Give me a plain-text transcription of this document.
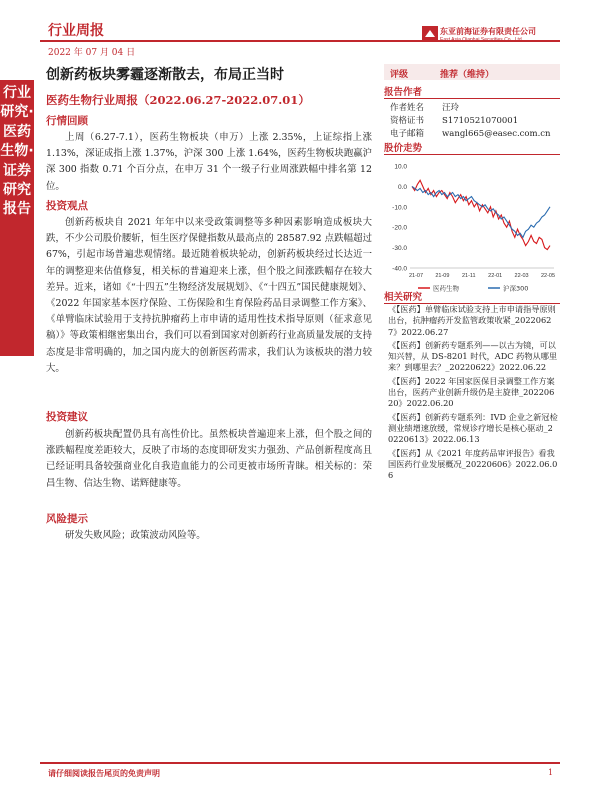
行业周报	东亚前海证券有限责任公司
2022 年 07 月 04 日
行业研究·医药生物·证券研究报告
创新药板块雾霾逐渐散去，布局正当时
医药生物行业周报（2022.06.27-2022.07.01）
行情回顾
上周（6.27-7.1），医药生物板块（申万）上涨 2.35%，上证综指上涨 1.13%，深证成指上涨 1.37%，沪深 300 上涨 1.64%，医药生物板块跑赢沪深 300 指数 0.71 个百分点，在申万 31 个一级子行业周涨跌幅中排名第 12 位。
投资观点
创新药板块自 2021 年年中以来受政策调整等多种因素影响造成板块大跌，不少公司股价腰斩，恒生医疗保健指数从最高点的 28587.92 点跌幅超过 67%，引起市场普遍悲观情绪。最近随着板块轮动，创新药板块经过长达近一年的调整迎来估值修复，相关标的普遍迎来上涨，但个股之间涨跌幅存在较大差异。近来，诸如《“十四五”生物经济发展规划》、《“十四五”国民健康规划》、《2022 年国家基本医疗保险、工伤保险和生育保险药品目录调整工作方案》、《单臂临床试验用于支持抗肿瘤药上市申请的适用性技术指导原则（征求意见稿）》等政策相继密集出台，我们可以看到国家对创新药行业高质量发展的支持态度是非常明确的，加之国内庞大的创新医药需求，我们认为该板块的潜力较大。
投资建议
创新药板块配置仍具有高性价比。虽然板块普遍迎来上涨，但个股之间的涨跌幅程度差距较大，反映了市场的态度即研发实力强劲、产品创新程度高且已经证明具备较强商业化自我造血能力的公司更被市场所青睐。相关标的：荣昌生物、信达生物、诺辉健康等。
风险提示
研发失败风险；政策波动风险等。
评级	推荐（维持）
报告作者
作者姓名 汪玲
资格证书 S1710521070001
电子邮箱 wangl665@easec.com.cn
股价走势
10.0
0.0
-10.0
-20.0
-30.0
-40.0
21-07 21-09 21-11 22-01 22-03 22-05
医药生物	沪深300
相关研究
《【医药】单臂临床试验支持上市申请指导原则出台，抗肿瘤药开发监管政策收紧_20220627》2022.06.27
《【医药】创新药专题系列——以古为镜，可以知兴替，从 DS-8201 时代，ADC 药物从哪里来？到哪里去？_20220622》2022.06.22
《【医药】2022 年国家医保目录调整工作方案出台，医药产业创新升级仍是主旋律_20220620》2022.06.20
《【医药】创新药专题系列：IVD 企业之新冠检测业绩增速放缓，常规诊疗增长是核心驱动_20220613》2022.06.13
《【医药】从《2021 年度药品审评报告》看我国医药行业发展概况_20220606》2022.06.06
请仔细阅读报告尾页的免责声明	1
